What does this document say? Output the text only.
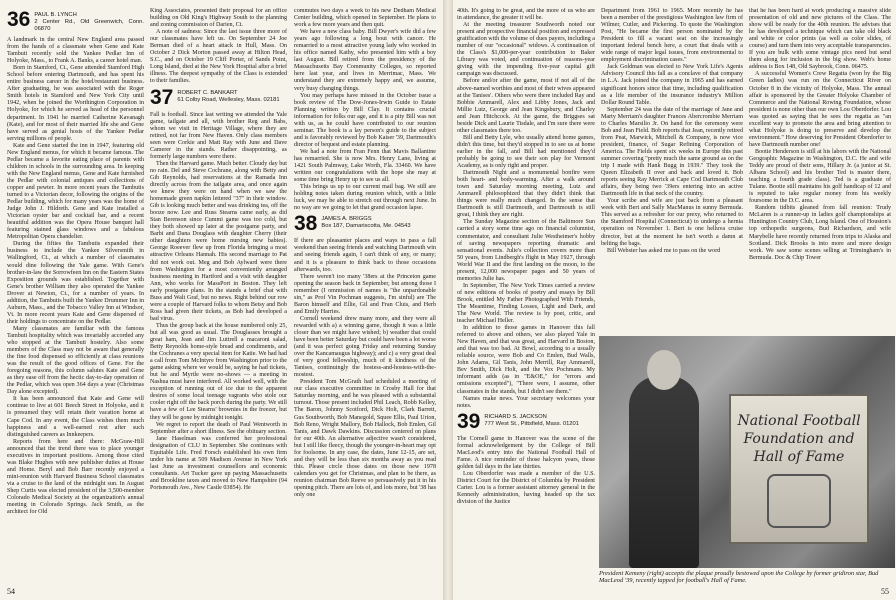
36 PAUL B. LYNCH
2 Center Rd., Old Greenwich, Conn. 06870

A landmark in the central New England area passed from the hands of a classmate when Gene and Kate Tambuti recently sold the Yankee Pedlar Inn of Holyoke, Mass., to Frank A. Banks, a career hotel man.

Born in Stamford, Ct., Gene attended Stamford High School before entering Dartmouth, and has spent his entire business career in the hotel/restaurant business. After graduating, he was associated with the Roger Smith hotels in Stamford and New York City until 1942, when he joined the Worthington Corporation in Holyoke, for which he served as head of the personnel department. In 1941 he married Catherine Kavanagh (Kate), and for most of their married life she and Gene have served as genial hosts of the Yankee Pedlar serving millions of people.

Kate and Gene started the inn in 1947, featuring old New England menus, for which it became famous. The Pedlar became a favorite eating place of parents with children in schools in the surrounding area. In keeping with the New England menus, Gene and Kate furnished the Pedlar with colonial antiques and collections of copper and pewter. In more recent years the Tambutis turned to a Victorian decor, following the origins of the Pedlar building, which for many years was the home of Judge John J. Hildreth. Gene and Kate installed a Victorian oyster bar and cocktail bar, and a recent beautiful addition was the Opera House banquet hall featuring stained glass windows and a fabulous Metropolitan Opera chandelier.

During the fifties the Tambutis expanded their business to include the Yankee Silversmith in Wallingford, Ct., at which a number of classmates would dine following the Yale game. With Gene's brother-in-law the Sorrowfeen Inn on the Eastern States Exposition grounds was established. Together with Gene's brother William they also operated the Yankee Drover at Newton, Ct., for a number of years. In addition, the Tambutis built the Yankee Drummer Inn in Auburn, Mass., and the Tobacco Valley Inn at Windsor, Vt. In more recent years Kate and Gene dispersed of their holdings to concentrate on the Pedlar.

Many classmates are familiar with the famous Tambuti hospitality which was invariably accorded any who stopped at the Tambuti hostelry. Also some members of the Class may not be aware that generally the fine food dispensed so efficiently at class reunions was the result of the good offices of Gene. For the foregoing reasons, this column salutes Kate and Gene as they ease off from the hectic day-to-day operation of the Pedlar, which was open 364 days a year (Christmas Day alone excepted).

It has been announced that Kate and Gene will continue to live at 601 Beech Street in Holyoke, and it is presumed they will retain their vacation home at Cape Cod. In any event, the Class wishes them much happiness and a well-earned rest after such distinguished careers as Innkeepers.

Reports from here and there: McGraw-Hill announced that the trend there was to place younger executives in important positions. Among those cited was Blake Hughes with new publisher duties at House and Home. Beryl and Bob Barr recently enjoyed a mini-reunion with Harvard Business School classmates via a cruise to the land of the midnight sun. In August Shep Curtis was elected president of the 3,500-member Colorado Medical Society at the organization's annual meeting in Colorado Springs. Jack Smith, as the architect for Old

King Associates, presented their proposal for an office building on Old King's Highway South to the planning and zoning commission of Darien, Ct.

A note of sadness: Since the last issue three more of our classmates have left us. On September 24 Joe Berman died of a heart attack in Hull, Mass. On October 2 Dick Morton passed away at Hilton Head, S.C., and on October 19 Cliff Porter, of Sands Point, Long Island, died at the New York Hospital after a brief illness. The deepest sympathy of the Class is extended to their families.

37 ROBERT C. BANKART
61 Colby Road, Wellesley, Mass. 02181

Fall is football. Since last writing we attended the Yale game, tailgate and all, with brother Reg and Babs, whom we visit in Heritage Village, where they are retired, not far from New Haven. Only class members seen were Corkie and Matt Ray with June and Dave Camerer in the stands. Rather disappointing, as formerly large numbers were there.

Then the Harvard game. Much better. Cloudy day but no rain. Del and Steve Cochrane, along with Betty and Gib Reynolds, had reservations at the Ramada Inn directly across from the tailgate area, and once again we knew they were on hand when we saw the homemade green napkin lettered "37" in their window. Gib is looking much better and was drinking tea, off the booze now. Lee and Russ Stearns came early, as did Stan Berenson since Cummi game was too cold, but they both showed up later at the postgame party, and Barbi and Dana Douglass with daughter Cherry (their other daughters were home nursing new babies). George Roeever flew up from Florida bringing a most attractive Orleans Hannah. His second marriage to Pat did not work out. Meg and Bob Aylward were there from Washington for a most conveniently arranged business meeting in Hartford and a visit with daughter Ann, who works for MassPort in Boston. They left early postgame plans. In the stands a brief chat with Buss and Walt Graf, but no news. Right behind our row were a couple of Harvard folks to whom Betsy and Bob Ross had given their tickets, as Bob had developed a bad virus.

Thus the group back at the house numbered only 25, but all was good as usual. The Douglasses brought a great ham, Jean and Jim Luttrell a macaroni salad, Betty Reynolds home-style bread and condiments, and the Cochranes a very special item for Katie. We had had a call from Tom McIntyre from Washington prior to the game asking where we would be, saying he had tickets, but he and Myrtle were no-shows — a meeting in Nashua must have interfered. All worked well, with the exception of running out of ice due to the apparent desires of some local teenage vagrants who stole our cooler right off the back porch during the party. We still have a few of Lee Stearns' brownies in the freezer, but they will be gone by midnight tonight.

We regret to report the death of Paul Wentworth in September after a short illness. See the obituary section.

Jane Haselman was conferred her professional designation of CLU in September. She continues with Equitable Life. Fred Forsch established his own firm under his name at 509 Madison Avenue in New York last June as investment counsellors and economic consultants. Art Tucker gave up paying Massachusetts and Brookline taxes and moved to New Hampshire (94 Portsmouth Ave., New Castle 03854). He

commutes two days a week to his new Dedham Medical Center building, which opened in September. He plans to work a few more years and then quit.

We have a new class baby. Bill Dwyer's wife did a few years ago following a long bout with cancer. He remarried to a most attractive young lady who worked in his office named Kathy, who presented him with a boy last August. Bill retired from the presidency of the Massachusetts Bay Community Colleges, so reported here last year, and lives in Merrimac, Mass. We understand they are extremely happy and, we assume, very busy changing things.

You may perhaps have missed in the October issue a book review of The Dow-Jones-Irwin Guide to Estate Planning written by Bill Clay. It contains crucial information for folks our age, and it is a pity Bill was not with us, as he could have contributed to our reunion seminar. The book is a lay person's guide to the subject and is favorably reviewed by Bob Kaiser '39, Dartmouth's director of bequest and estate planning.

We had a note from Fran Fenn that Mavis Ballantine has remarried. She is now Mrs. Henry Lane, living at 1421 South Palmway, Lake Worth, Fla. 33460. We have written our congratulations with the hope she may at some time bring Henry up to see us all.

This brings us up to our current mail bag. We still are holding notes taken during reunion which, with a little luck, we may be able to stretch out through next June. In no way are we going to let that grand occasion lapse.

38 JAMES A. BRIGGS
Box 187, Damariscotta, Me. 04543

If there are pleasanter places and ways to pass a fall weekend than seeing friends and watching Dartmouth win and seeing friends again, I can't think of any, or many; and it is a pleasure to think back to those occasions afterwards, too.

There weren't too many '38ers at the Princeton game opening the season back in September, but among those I remember (I ommission of names is "the unpardonable sin," as Prof Vin Pochman suggests, I'm sinful) are The Baron himself and Ellie, Gil and Fran Cluis, and Herb and Emily Harries.

Cornell weekend drew many more, and they were all rewarded with a) a winning game, though it was a little closer than we might have wished; b) weather that could have been better Saturday but could have been a lot worse (and it was perfect going Friday and returning Sunday over the Kancamaugus highway); and c) a very great deal of very good fellowship, much of it kindness of the Tanises, continuingly the hostess-and-hostess-with-the-mostest.

President Tom McGrath had scheduled a meeting of our class executive committee in Crosby Hall for that Saturday morning, and he was pleased with a substantial turnout. Those present included Phil Leach, Robb Kelley, The Baron, Johnny Scotford, Dick Holt, Clark Barrett, Gus Southworth, Bob Manegold, Squee Ellis, Paul Urion, Bob Reno, Wright Mallory, Bob Hallock, Bob Emlen, Gil Tanis, and Dawk Dawkins. Discussion centered on plans for our 40th. An alternative adjective wasn't considered, but I still like fleecy, though the younger-in-heart may opt for foolsome. In any case, the dates, June 12-15, are set, and they will be less than six months away as you read this. Please circle those dates on those new 1978 calendars you get for Christmas, and plan to be there, as reunion chairman Bob Reeve so persuasively put it in his opening pitch. There are lots of, and lots more, but '38 has only one

54

40th. It's going to be great, and the more of us who are in attendance, the greater it will be.

At the meeting treasurer Southworth noted our present and prospective financial position and expressed gratification with the volume of dues payers, including a number of our "occasional" widows. A continuation of the Class's $1,000-per-year contribution to Baker Library was voted, and continuation of reasons-year giving with the impending five-year capital gift campaign was discussed.

Before and/or after the game, most if not all of the above-named worthies and most of their wives appeared at the Tanises'. Others who were there included Ray and Bobbie Ammarell, Alex and Libby Jones, Jack and Millie Lutz, George and Jean Kingsbury, and Charley and Jean Hitchcock. At the game, the Briggses sat beside Dick and Laurie Tisdale, and I'm sure there were other classmates there too.

Bill and Betty Lyle, who usually attend home games, didn't this time, but they'd stopped in to see us at home earlier in the fall, and Bill had mentioned they'd probably be going to see their son play for Vermont Academy, as is only right and proper.

Dartmouth Night and a monumental bonfire were both heart- and body-warming. After a walk around town and Saturday morning meeting, Lutz and Ammarell philosophized that they didn't think that things were really much changed. In the sense that Dartmouth is still Dartmouth, and Dartmouth is still great, I think they are right.

The Sunday Magazine section of the Baltimore Sun carried a story some time ago on financial columnist, commentator, and consultant Julie Westheimer's hobby of saving newspapers reporting dramatic and sensational events. Julie's collection covers more than 50 years, from Lindbergh's flight in May 1927, through World War II and the first landing on the moon, to the present, 12,000 newspaper pages and 50 years of memories Julie has.

In September, The New York Times carried a review of new editions of books of poetry and essays by Bill Brook, entitled My Father Photographed With Friends, The Meantime, Finding Losses, Light and Dark, and The New World. The review is by poet, critic, and teacher Michael Heller.

In addition to those games in Hanover this fall referred to above and others, we also played Yale in New Haven, and that was great, and Harvard in Boston, and that was too bad. At Bowl, according to a usually reliable source, were Bob and Co Emlen, Bud Walls, John Adams, Gil Tanis, John Merrill, Ray Ammarell, Bev Smith, Dick Holt, and the Vox Pochmans. My informant adds (as in "E&OE," for "errors and omissions excepted"), "There were, I assume, other classmates in the stands, but I didn't see them."

Names make news. Your secretary welcomes your notes.

39 RICHARD S. JACKSON
777 West St., Pittsfield, Mass. 01201

The Cornell game in Hanover was the scene of the formal acknowledgement by the College of Bill MacLeod's entry into the National Football Hall of Fame. A nice reminder of those halcyon years, those golden fall days in the late thirties.

Lou Oberdorfer was made a member of the U.S. District Court for the District of Columbia by President Carter. Lou is a former assistant attorney general in the Kennedy administration, having headed up the tax division of the Justice

Department from 1961 to 1965. More recently he has been a member of the prestigious Washington law firm of Wilmer, Cutler, and Pickering. To quote the Washington Post, "He became the first person nominated by the President to fill a vacant seat on the increasingly important federal bench here, a court that deals with a wide range of major legal issues, from environmental to employment discrimination cases."

Jack Goldman was elected to New York Life's Agents Advisory Council this fall as a conclave of that company in L.A. Jack joined the company in 1965 and has earned significant honors since that time, including qualification as a life member of the insurance industry's Million Dollar Round Table.

September 24 was the date of the marriage of Jane and Marty Merriam's daughter Frances Abercrombie Merriam to Charles Marsilio Jr. On hand for the ceremony were Bob and Jean Field. Bob reports that Jean, recently retired from Peat, Marwick, Mitchell & Company, is now vice president, finance, of Sugar Refining Corporation of America. The Fields spent six weeks in Europe this past summer covering "pretty much the same ground as on the trip I made with Hank Bugg in 1939." They took the Queen Elizabeth II over and back and loved it. Bob reports seeing Ray Merrick at Cape Cod Dartmouth Club affairs, they being two '39ers entering into an active Dartmouth life in that neck of the country.

Your scribe and wife are just back from a pleasant week with Bert and Sally MacManus in sunny Bermuda. This served as a refresher for our prexy, who returned to the Stamford Hospital (Connecticut) to undergo a hernia operation on November 1. Bert is one helluva cruise director, but at the moment he isn't worth a damn at belting the bags.

Bill Webster has asked me to pass on the word

that he has been hard at work producing a massive slide presentation of old and new pictures of the Class. The show will be ready for the 40th reunion. He advises that he has developed a technique which can take old black and white or color prints (as well as color slides, of course) and turn them into very acceptable transparencies. If you are bulk with some vintage pics need but send them along for inclusion in the big show. Web's home address is Box 148, Old Saybrook, Conn. 06475.

A successful Women's Crew Regatta (won by the Big Green ladies) was run on the Connecticut River on October 8 in the vicinity of Holyoke, Mass. The annual affair is sponsored by the Greater Holyoke Chamber of Commerce and the National Rowing Foundation, whose president is none other than our own Lou Oberdorfer. Lou was quoted as saying that he sees the regatta as "an excellent way to promote the area and bring attention to what Holyoke is doing to preserve and develop the environment." How deserving for President Oberdorfer to have Dartmouth number one!

Bootie Henderson is still at his labors with the National Geographic Magazine in Washington, D.C. He and wife Teddy are proud of their sons, Hillary Jr. (a junior at St. Albans School) and his brother Ted is master there, teaching a fourth grade class). Ted is a graduate of Tulane. Bootie still maintains his golf handicap of 12 and is reputed to take regular money from his weekly foursome in the D.C. area.

Random tidbits gleaned from fall reunion: Trudy McLaren is a runner-up in ladies golf championships at Huntington Country Club, Long Island. One of Houston's top orthopedic surgeons, Bud Richardson, and wife Marybelle have recently returned from trips to Alaska and Scotland. Dick Brooks is into more and more design work. We saw some scenes selling at Trimingham's in Bermuda. Doc & Chip Tower

National Football Foundation and Hall of Fame
President Kemeny (right) accepts the plaque proudly bestowed upon the College by former gridiron star, Bud MacLeod '39, recently tapped for football's Hall of Fame.
55
